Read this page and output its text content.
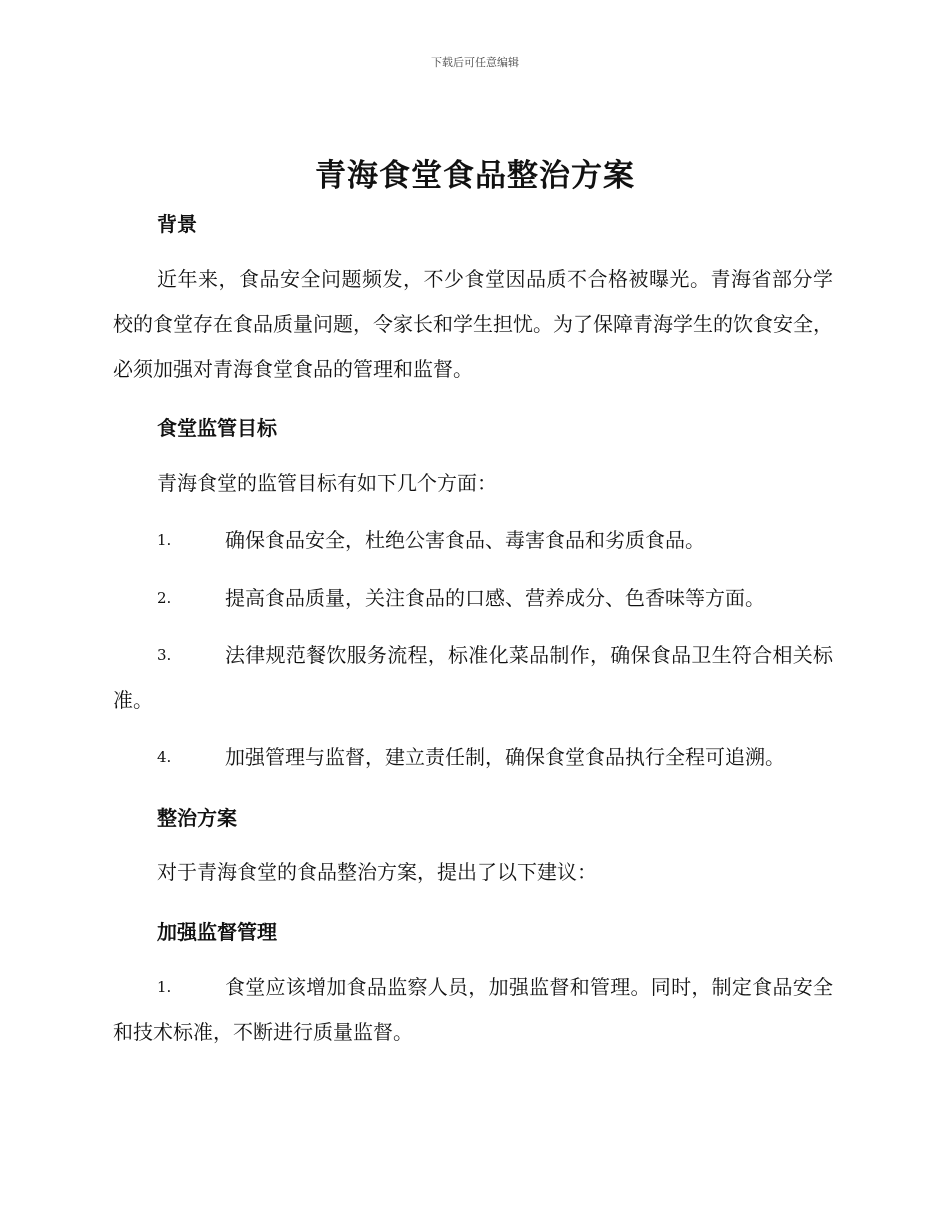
下载后可任意编辑
青海食堂食品整治方案
背景
近年来，食品安全问题频发，不少食堂因品质不合格被曝光。青海省部分学校的食堂存在食品质量问题，令家长和学生担忧。为了保障青海学生的饮食安全，必须加强对青海食堂食品的管理和监督。
食堂监管目标
青海食堂的监管目标有如下几个方面：
1.	确保食品安全，杜绝公害食品、毒害食品和劣质食品。
2.	提高食品质量，关注食品的口感、营养成分、色香味等方面。
3.	法律规范餐饮服务流程，标准化菜品制作，确保食品卫生符合相关标准。
4.	加强管理与监督，建立责任制，确保食堂食品执行全程可追溯。
整治方案
对于青海食堂的食品整治方案，提出了以下建议：
加强监督管理
1.	食堂应该增加食品监察人员，加强监督和管理。同时，制定食品安全和技术标准，不断进行质量监督。
